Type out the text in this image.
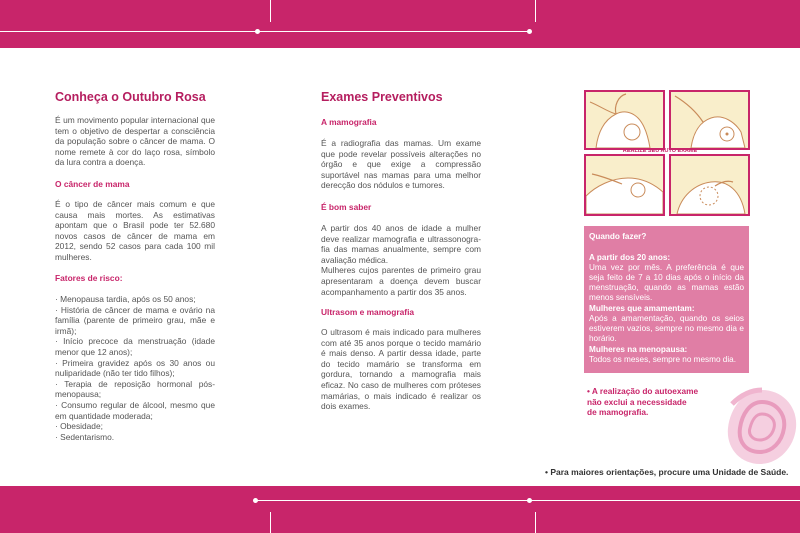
Conheça o Outubro Rosa

É um movimento popular internacional que tem o objetivo de despertar a consciência da população sobre o câncer de mama. O nome remete à cor do laço rosa, símbolo da lura contra a doença.

O câncer de mama

É o tipo de câncer mais comum e que causa mais mortes. As estimativas apontam que o Brasil pode ter 52.680 novos casos de câncer de mama em 2012, sendo 52 casos para cada 100 mil mulheres.

Fatores de risco:

· Menopausa tardia, após os 50 anos;

· História de câncer de mama e ovário na família (parente de primeiro grau, mãe e irmã);

· Início precoce da menstruação (idade menor que 12 anos);

· Primeira gravidez após os 30 anos ou nuliparidade (não ter tido filhos);

· Terapia de reposição hormonal pós-menopausa;

· Consumo regular de álcool, mesmo que em quantidade moderada;

· Obesidade;

· Sedentarismo.

Exames Preventivos
A mamografia

É a radiografia das mamas. Um exame que pode revelar possíveis alterações no órgão e que exige a compressão suportável nas mamas para uma melhor derecção dos nódulos e tumores.

É bom saber

A partir dos 40 anos de idade a mulher deve realizar mamografia e ultrassonogra-fia das mamas anualmente, sempre com avaliação médica.

Mulheres cujos parentes de primeiro grau apresentaram a doença devem buscar acompanhamento a partir dos 35 anos.

Ultrasom e mamografia

O ultrasom é mais indicado para mulheres com até 35 anos porque o tecido mamário é mais denso. A partir dessa idade, parte do tecido mamário se transforma em gordura, tornando a mamografia mais eficaz. No caso de mulheres com próteses mamárias, o mais indicado é realizar os dois exames.

REALIZE SEU AUTO EXAME
Quando fazer?
A partir dos 20 anos:
Uma vez por mês. A preferência é que seja feito de 7 a 10 dias após o início da menstruação, quando as mamas estão menos sensíveis.
Mulheres que amamentam:
Após a amamentação, quando os seios estiverem vazios, sempre no mesmo dia e horário.
Mulheres na menopausa:
Todos os meses, sempre no mesmo dia.
• A realização do autoexame
não exclui a necessidade
de mamografia.
• Para maiores orientações, procure uma Unidade de Saúde.
